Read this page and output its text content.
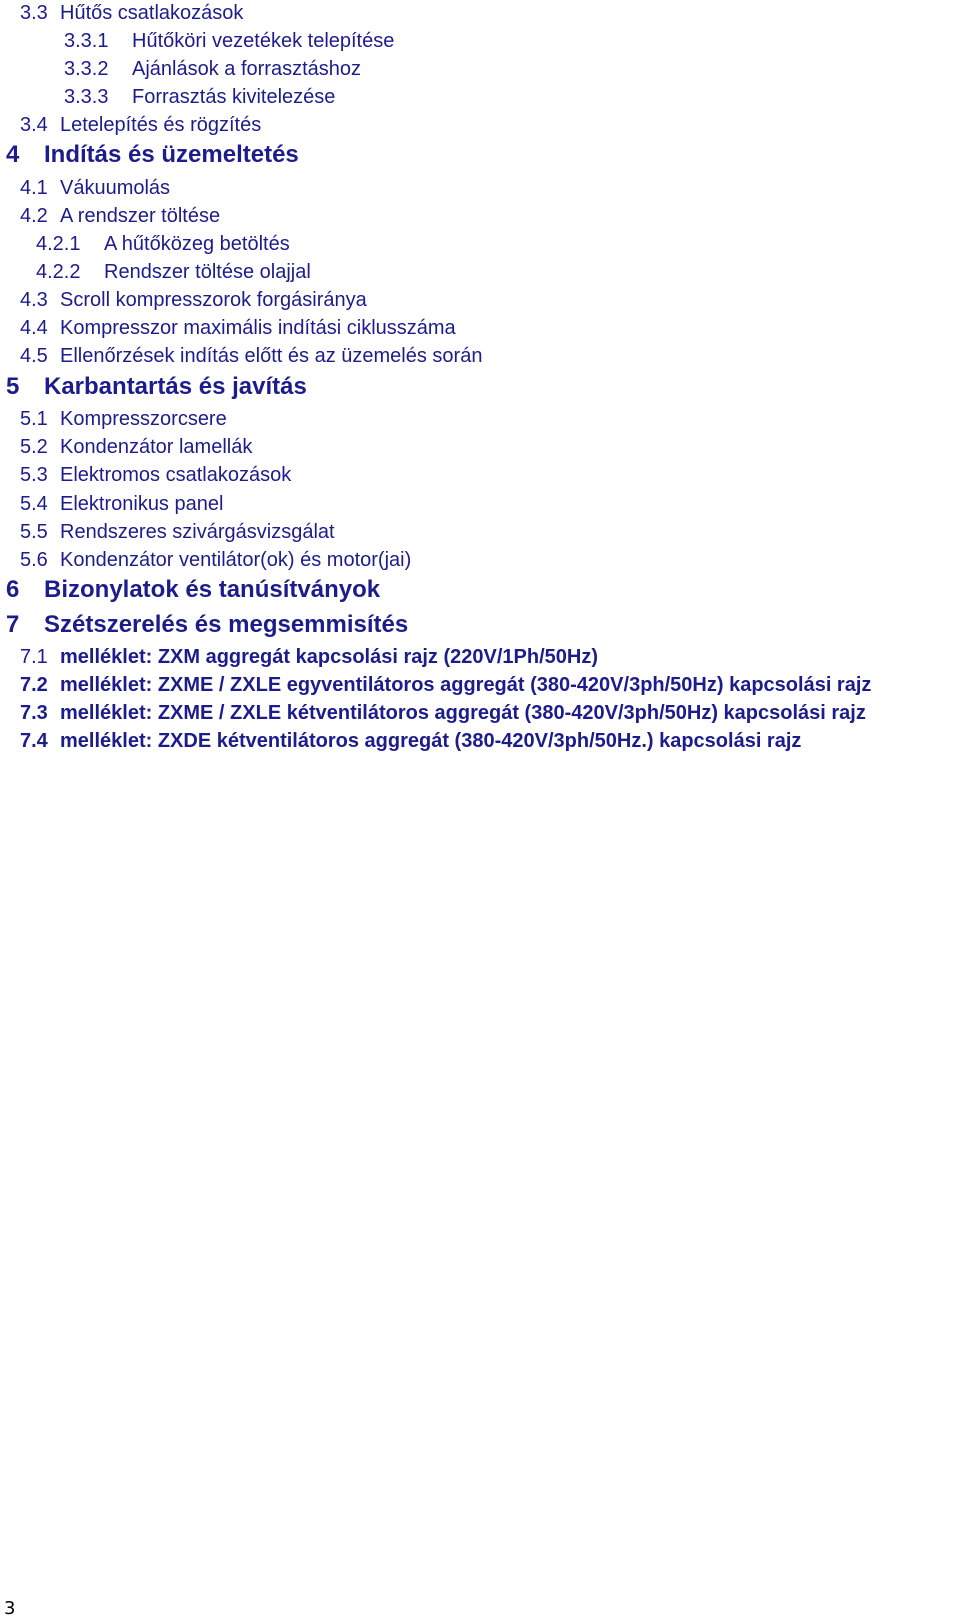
3.3 Hűtős csatlakozások
3.3.1 Hűtőköri vezetékek telepítése
3.3.2 Ajánlások a forrasztáshoz
3.3.3 Forrasztás kivitelezése
3.4 Letelepítés és rögzítés
4 Indítás és üzemeltetés
4.1 Vákuumolás
4.2 A rendszer töltése
4.2.1 A hűtőközeg betöltés
4.2.2 Rendszer töltése olajjal
4.3 Scroll kompresszorok forgásiránya
4.4 Kompresszor maximális indítási ciklusszáma
4.5 Ellenőrzések indítás előtt és az üzemelés során
5 Karbantartás és javítás
5.1 Kompresszorcsere
5.2 Kondenzátor lamellák
5.3 Elektromos csatlakozások
5.4 Elektronikus panel
5.5 Rendszeres szivárgásvizsgálat
5.6 Kondenzátor ventilátor(ok) és motor(jai)
6 Bizonylatok és tanúsítványok
7 Szétszerelés és megsemmisítés
7.1 melléklet: ZXM aggregát kapcsolási rajz (220V/1Ph/50Hz)
7.2 melléklet: ZXME / ZXLE egyventilátoros aggregát (380-420V/3ph/50Hz) kapcsolási rajz
7.3 melléklet: ZXME / ZXLE kétventilátoros aggregát (380-420V/3ph/50Hz) kapcsolási rajz
7.4 melléklet: ZXDE kétventilátoros aggregát (380-420V/3ph/50Hz.) kapcsolási rajz
3
